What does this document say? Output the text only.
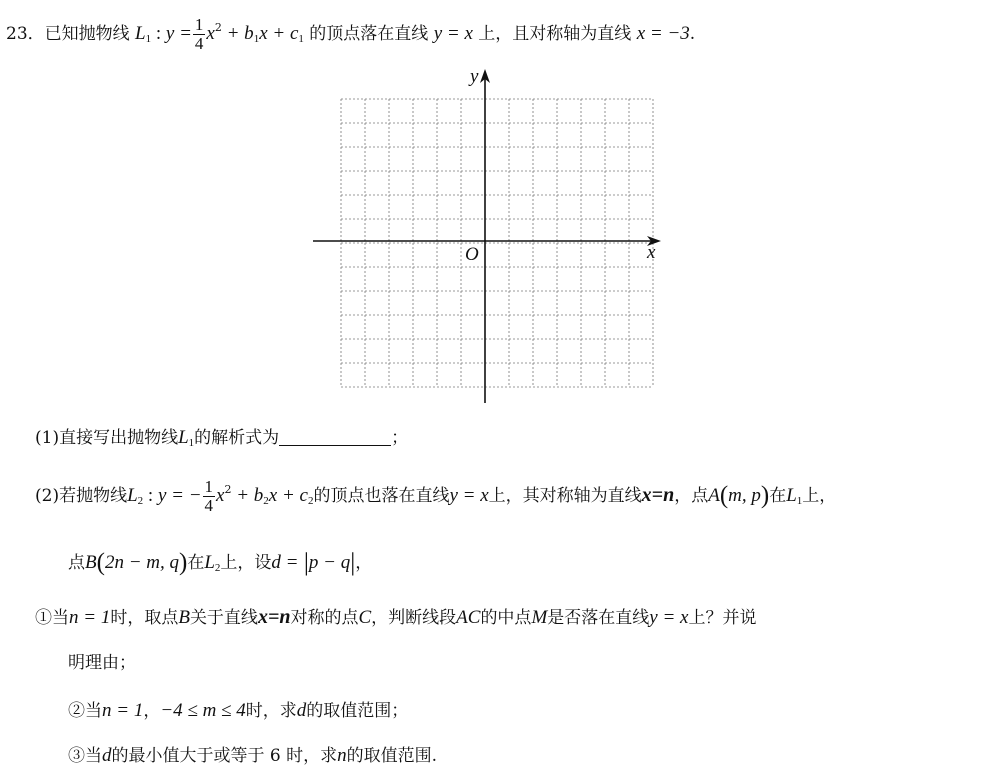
23．已知抛物线 $L_1$ : $y = \frac{1}{4} x^2 + b_1x + c_1$ 的顶点落在直线 y = x 上，且对称轴为直线 x = −3.
x
y
O
(1)直接写出抛物线$L_1$的解析式为	；
(2)若抛物线$L_2$ : y = − $\frac{1}{4} x^2 + b_2x + c_2$的顶点也落在直线y = x上，其对称轴为直线x=n，点A(m, p)在$L_1$上，
点B(2n − m, q)在$L_2$上，设d = |p − q|，
①当n = 1时，取点B关于直线x=n对称的点C，判断线段AC的中点M是否落在直线y = x上？并说
明理由；
②当n = 1，−4 ≤ m ≤ 4时，求d的取值范围；
③当d的最小值大于或等于 6 时，求n的取值范围.
